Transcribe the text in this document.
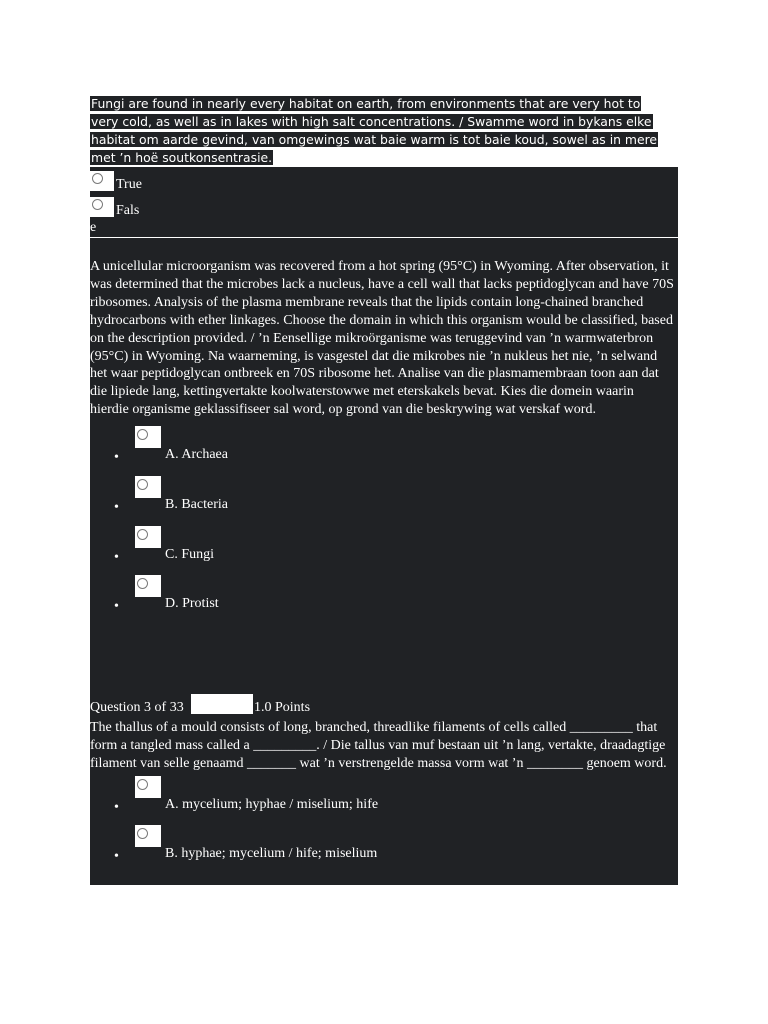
Fungi are found in nearly every habitat on earth, from environments that are very hot to very cold, as well as in lakes with high salt concentrations. / Swamme word in bykans elke habitat om aarde gevind, van omgewings wat baie warm is tot baie koud, sowel as in mere met ’n hoë soutkonsentrasie.
True
Fals
e

A unicellular microorganism was recovered from a hot spring (95°C) in Wyoming. After observation, it was determined that the microbes lack a nucleus, have a cell wall that lacks peptidoglycan and have 70S ribosomes. Analysis of the plasma membrane reveals that the lipids contain long-chained branched hydrocarbons with ether linkages. Choose the domain in which this organism would be classified, based on the description provided. / ’n Eensellige mikroörganisme was teruggevind van ’n warmwaterbron (95°C) in Wyoming. Na waarneming, is vasgestel dat die mikrobes nie ’n nukleus het nie, ’n selwand het waar peptidoglycan ontbreek en 70S ribosome het. Analise van die plasmamembraan toon aan dat die lipiede lang, kettingvertakte koolwaterstowwe met eterskakels bevat. Kies die domein waarin hierdie organisme geklassifiseer sal word, op grond van die beskrywing wat verskaf word.

•	A. Archaea
•	B. Bacteria
•	C. Fungi
•	D. Protist
Question 3 of 33	1.0 Points

The thallus of a mould consists of long, branched, threadlike filaments of cells called _________ that form a tangled mass called a _________. / Die tallus van muf bestaan uit ’n lang, vertakte, draadagtige filament van selle genaamd _______ wat ’n verstrengelde massa vorm wat ’n ________ genoem word.

•	A. mycelium; hyphae / miselium; hife
•	B. hyphae; mycelium / hife; miselium
